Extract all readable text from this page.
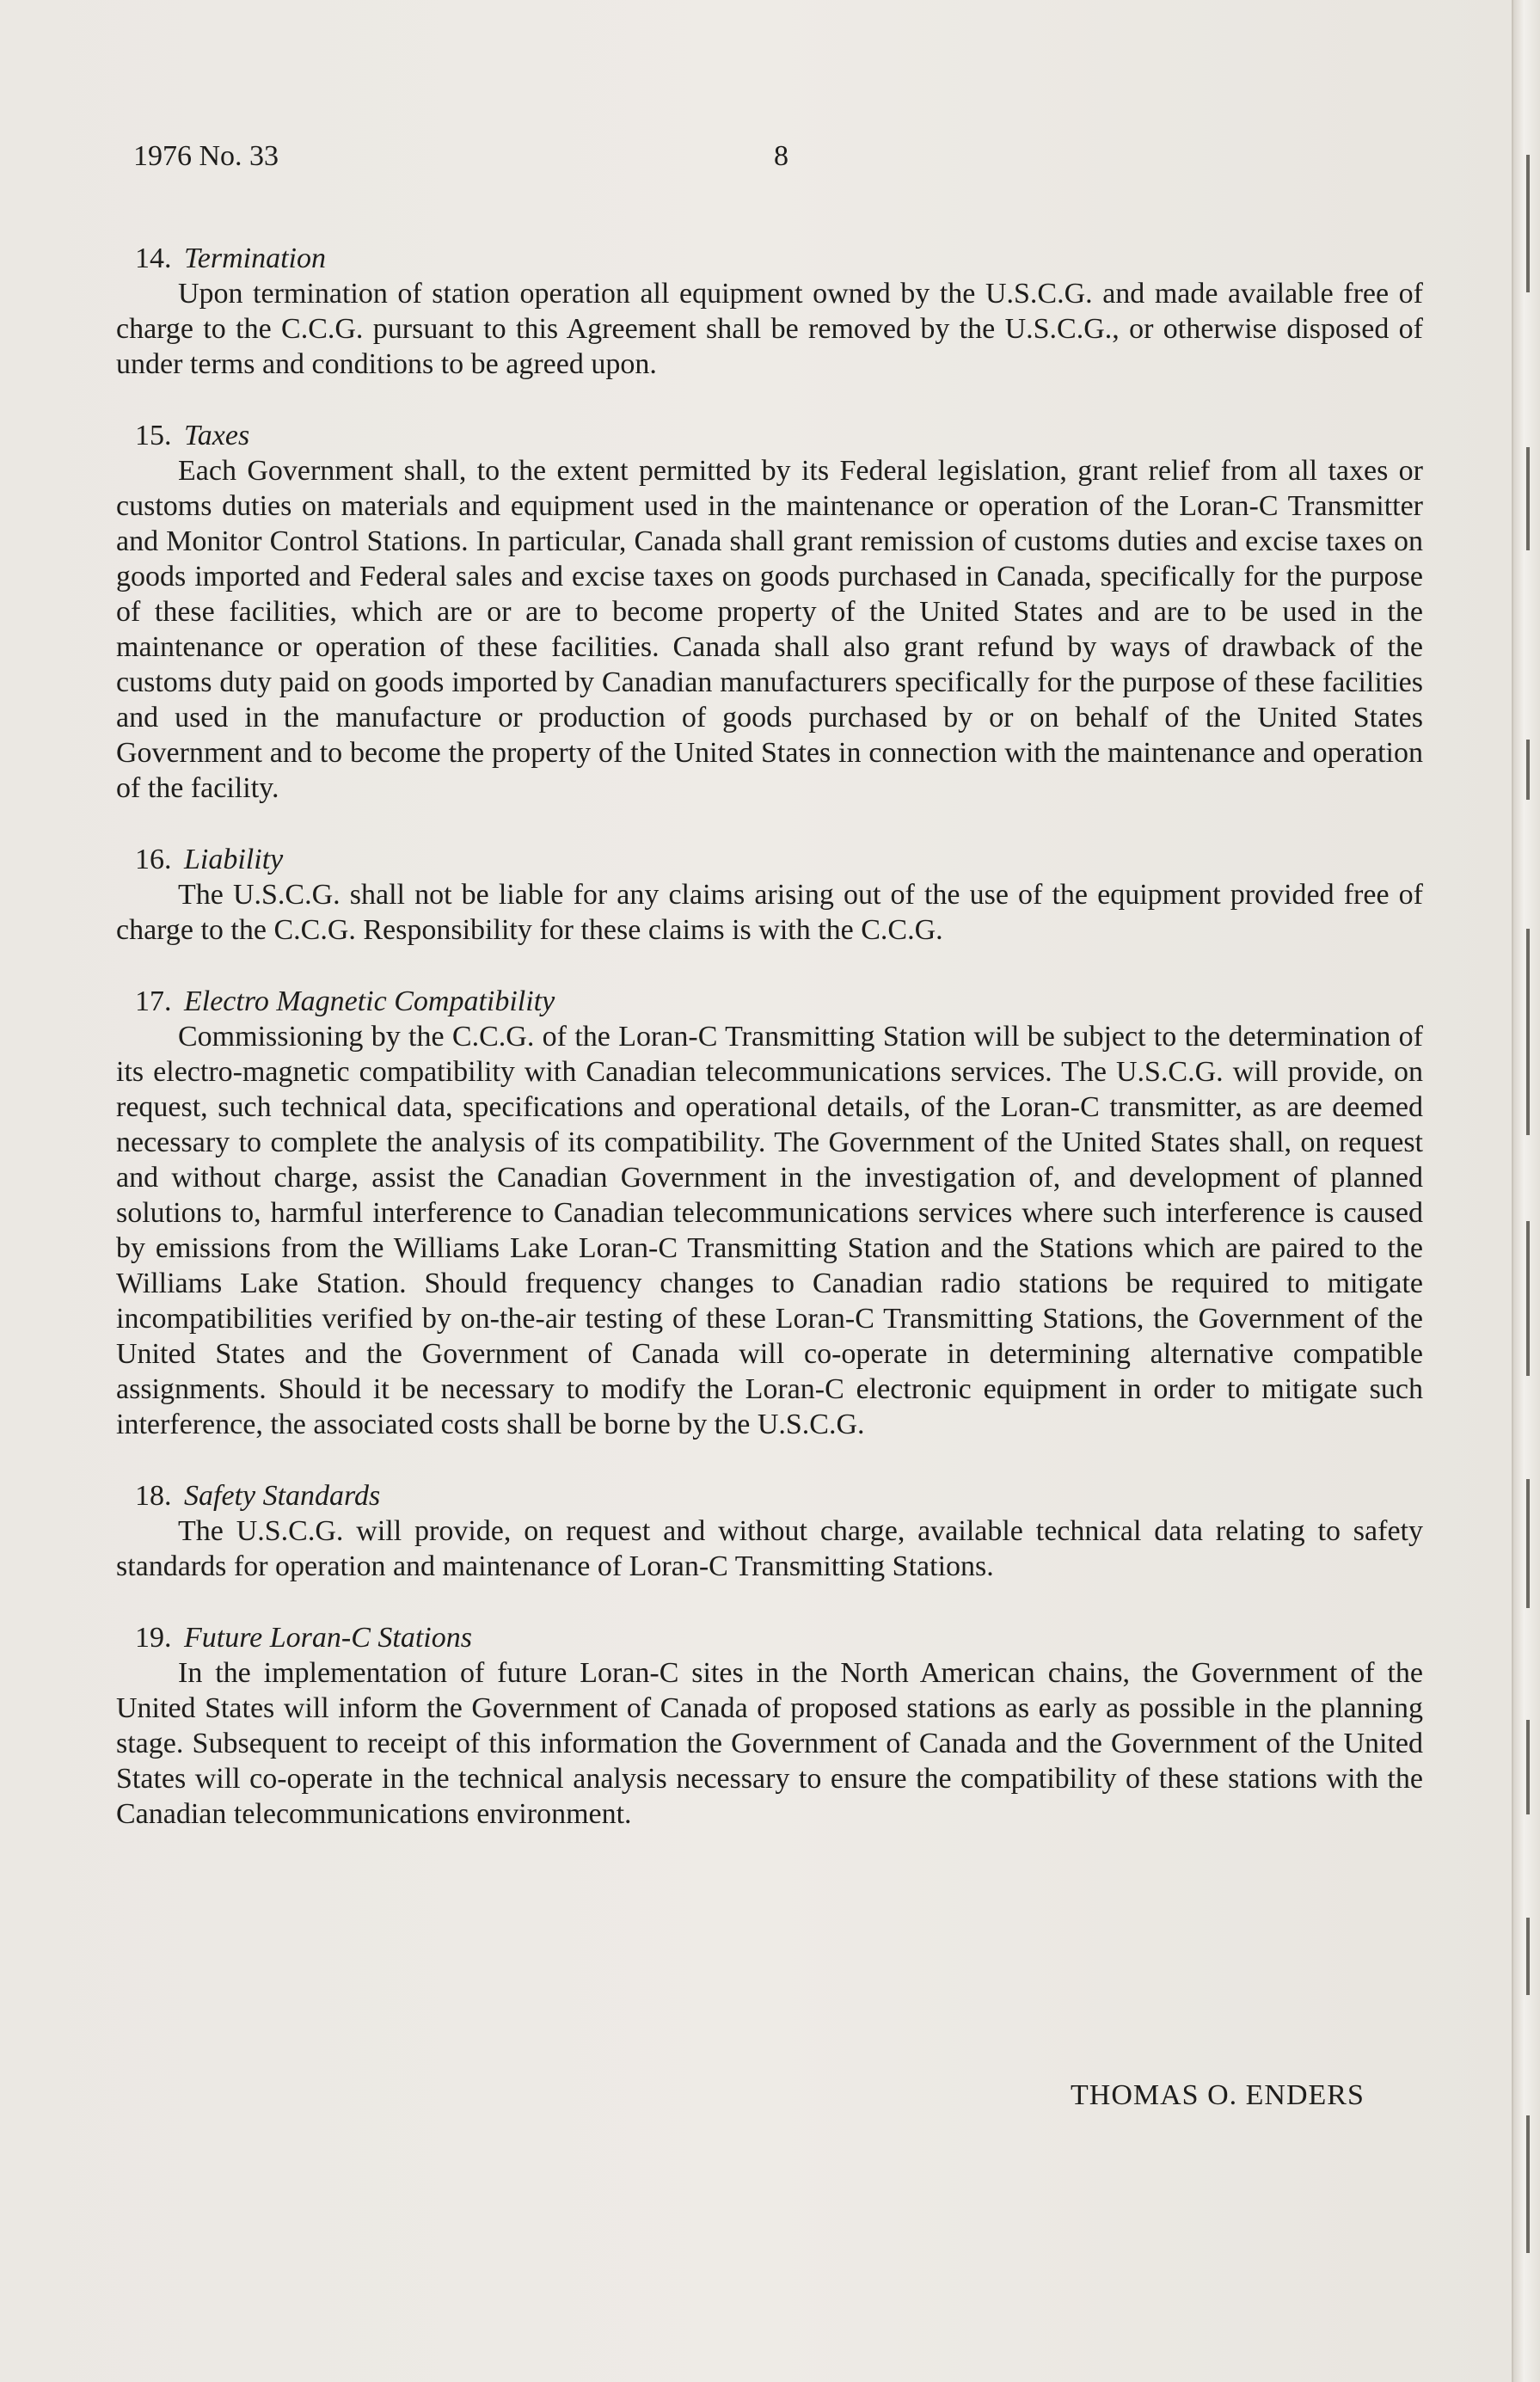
1976 No. 33	8
14. Termination

Upon termination of station operation all equipment owned by the U.S.C.G. and made available free of charge to the C.C.G. pursuant to this Agreement shall be removed by the U.S.C.G., or otherwise disposed of under terms and conditions to be agreed upon.

15. Taxes

Each Government shall, to the extent permitted by its Federal legislation, grant relief from all taxes or customs duties on materials and equipment used in the maintenance or operation of the Loran-C Transmitter and Monitor Control Stations. In particular, Canada shall grant remission of customs duties and excise taxes on goods imported and Federal sales and excise taxes on goods purchased in Canada, specifically for the purpose of these facilities, which are or are to become property of the United States and are to be used in the maintenance or operation of these facilities. Canada shall also grant refund by ways of drawback of the customs duty paid on goods imported by Canadian manufacturers specifically for the purpose of these facilities and used in the manufacture or production of goods purchased by or on behalf of the United States Government and to become the property of the United States in connection with the maintenance and operation of the facility.

16. Liability

The U.S.C.G. shall not be liable for any claims arising out of the use of the equipment provided free of charge to the C.C.G. Responsibility for these claims is with the C.C.G.

17. Electro Magnetic Compatibility

Commissioning by the C.C.G. of the Loran-C Transmitting Station will be subject to the determination of its electro-magnetic compatibility with Canadian telecommunications services. The U.S.C.G. will provide, on request, such technical data, specifications and operational details, of the Loran-C transmitter, as are deemed necessary to complete the analysis of its compatibility. The Government of the United States shall, on request and without charge, assist the Canadian Government in the investigation of, and development of planned solutions to, harmful interference to Canadian telecommunications services where such interference is caused by emissions from the Williams Lake Loran-C Transmitting Station and the Stations which are paired to the Williams Lake Station. Should frequency changes to Canadian radio stations be required to mitigate incompatibilities verified by on-the-air testing of these Loran-C Transmitting Stations, the Government of the United States and the Government of Canada will co-operate in determining alternative compatible assignments. Should it be necessary to modify the Loran-C electronic equipment in order to mitigate such interference, the associated costs shall be borne by the U.S.C.G.

18. Safety Standards

The U.S.C.G. will provide, on request and without charge, available technical data relating to safety standards for operation and maintenance of Loran-C Transmitting Stations.

19. Future Loran-C Stations

In the implementation of future Loran-C sites in the North American chains, the Government of the United States will inform the Government of Canada of proposed stations as early as possible in the planning stage. Subsequent to receipt of this information the Government of Canada and the Government of the United States will co-operate in the technical analysis necessary to ensure the compatibility of these stations with the Canadian telecommunications environment.

THOMAS O. ENDERS
